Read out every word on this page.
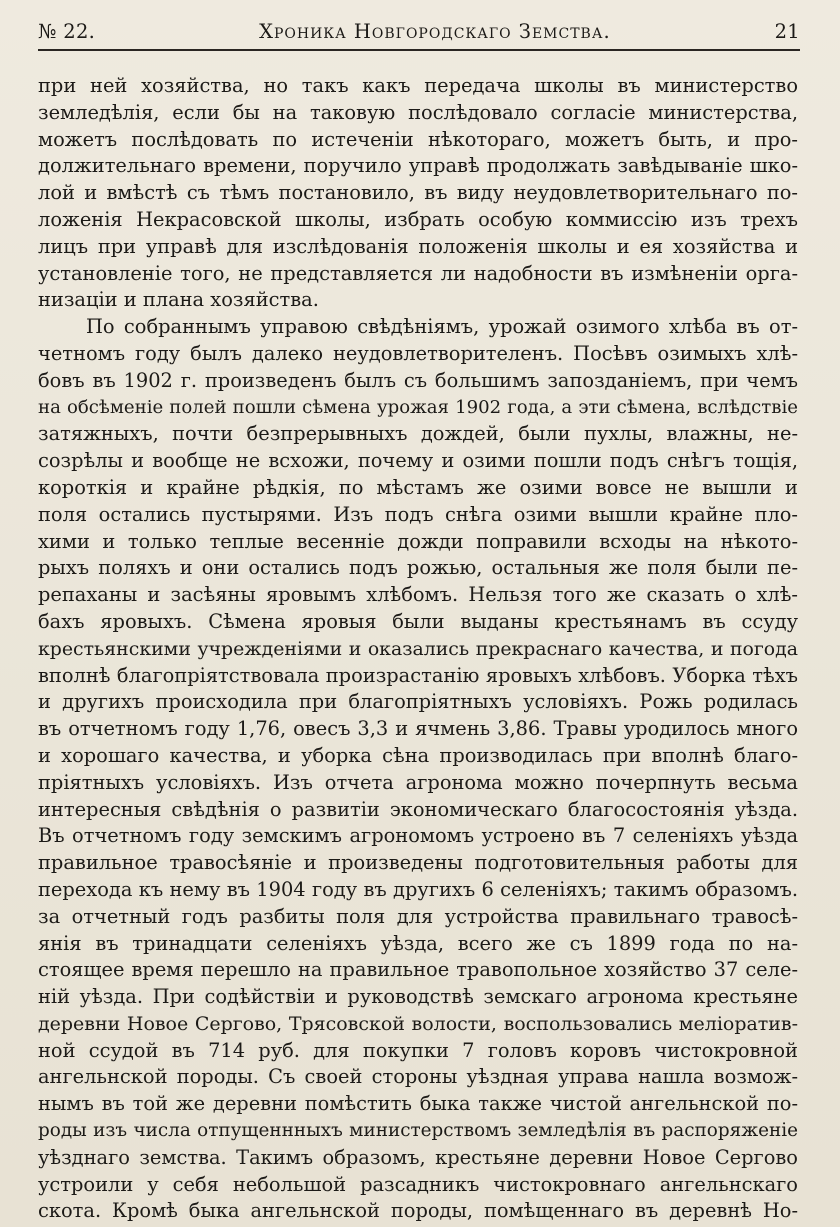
№ 22.	Хроника Новгородскаго Земства.	21
при ней хозяйства, но такъ какъ передача школы въ министерство
земледѣлія, если бы на таковую послѣдовало согласіе министерства,
можетъ послѣдовать по истеченіи нѣкотораго, можетъ быть, и про-
должительнаго времени, поручило управѣ продолжать завѣдываніе шко-
лой и вмѣстѣ съ тѣмъ постановило, въ виду неудовлетворительнаго по-
ложенія Некрасовской школы, избрать особую коммиссію изъ трехъ
лицъ при управѣ для изслѣдованія положенія школы и ея хозяйства и
установленіе того, не представляется ли надобности въ измѣненіи орга-
низаціи и плана хозяйства.
По собраннымъ управою свѣдѣніямъ, урожай озимого хлѣба въ от-
четномъ году былъ далеко неудовлетворителенъ. Посѣвъ озимыхъ хлѣ-
бовъ въ 1902 г. произведенъ былъ съ большимъ запозданіемъ, при чемъ
на обсѣменіе полей пошли сѣмена урожая 1902 года, а эти сѣмена, вслѣдствіе
затяжныхъ, почти безпрерывныхъ дождей, были пухлы, влажны, не-
созрѣлы и вообще не всхожи, почему и озими пошли подъ снѣгъ тощія,
короткія и крайне рѣдкія, по мѣстамъ же озими вовсе не вышли и
поля остались пустырями. Изъ подъ снѣга озими вышли крайне пло-
хими и только теплые весенніе дожди поправили всходы на нѣкото-
рыхъ поляхъ и они остались подъ рожью, остальныя же поля были пе-
репаханы и засѣяны яровымъ хлѣбомъ. Нельзя того же сказать о хлѣ-
бахъ яровыхъ. Сѣмена яровыя были выданы крестьянамъ въ ссуду
крестьянскими учрежденіями и оказались прекраснаго качества, и погода
вполнѣ благопріятствовала произрастанію яровыхъ хлѣбовъ. Уборка тѣхъ
и другихъ происходила при благопріятныхъ условіяхъ. Рожь родилась
въ отчетномъ году 1,76, овесъ 3,3 и ячмень 3,86. Травы уродилось много
и хорошаго качества, и уборка сѣна производилась при вполнѣ благо-
пріятныхъ условіяхъ. Изъ отчета агронома можно почерпнуть весьма
интересныя свѣдѣнія о развитіи экономическаго благосостоянія уѣзда.
Въ отчетномъ году земскимъ агрономомъ устроено въ 7 селеніяхъ уѣзда
правильное травосѣяніе и произведены подготовительныя работы для
перехода къ нему въ 1904 году въ другихъ 6 селеніяхъ; такимъ образомъ.
за отчетный годъ разбиты поля для устройства правильнаго травосѣ-
янія въ тринадцати селеніяхъ уѣзда, всего же съ 1899 года по на-
стоящее время перешло на правильное травопольное хозяйство 37 селе-
ній уѣзда. При содѣйствіи и руководствѣ земскаго агронома крестьяне
деревни Новое Сергово, Трясовской волости, воспользовались меліоратив-
ной ссудой въ 714 руб. для покупки 7 головъ коровъ чистокровной
ангельнской породы. Съ своей стороны уѣздная управа нашла возмож-
нымъ въ той же деревни помѣстить быка также чистой ангельнской по-
роды изъ числа отпущеннныхъ министерствомъ земледѣлія въ распоряженіе
уѣзднаго земства. Такимъ образомъ, крестьяне деревни Новое Сергово
устроили у себя небольшой разсадникъ чистокровнаго ангельнскаго
скота. Кромѣ быка ангельнской породы, помѣщеннаго въ деревнѣ Но-
